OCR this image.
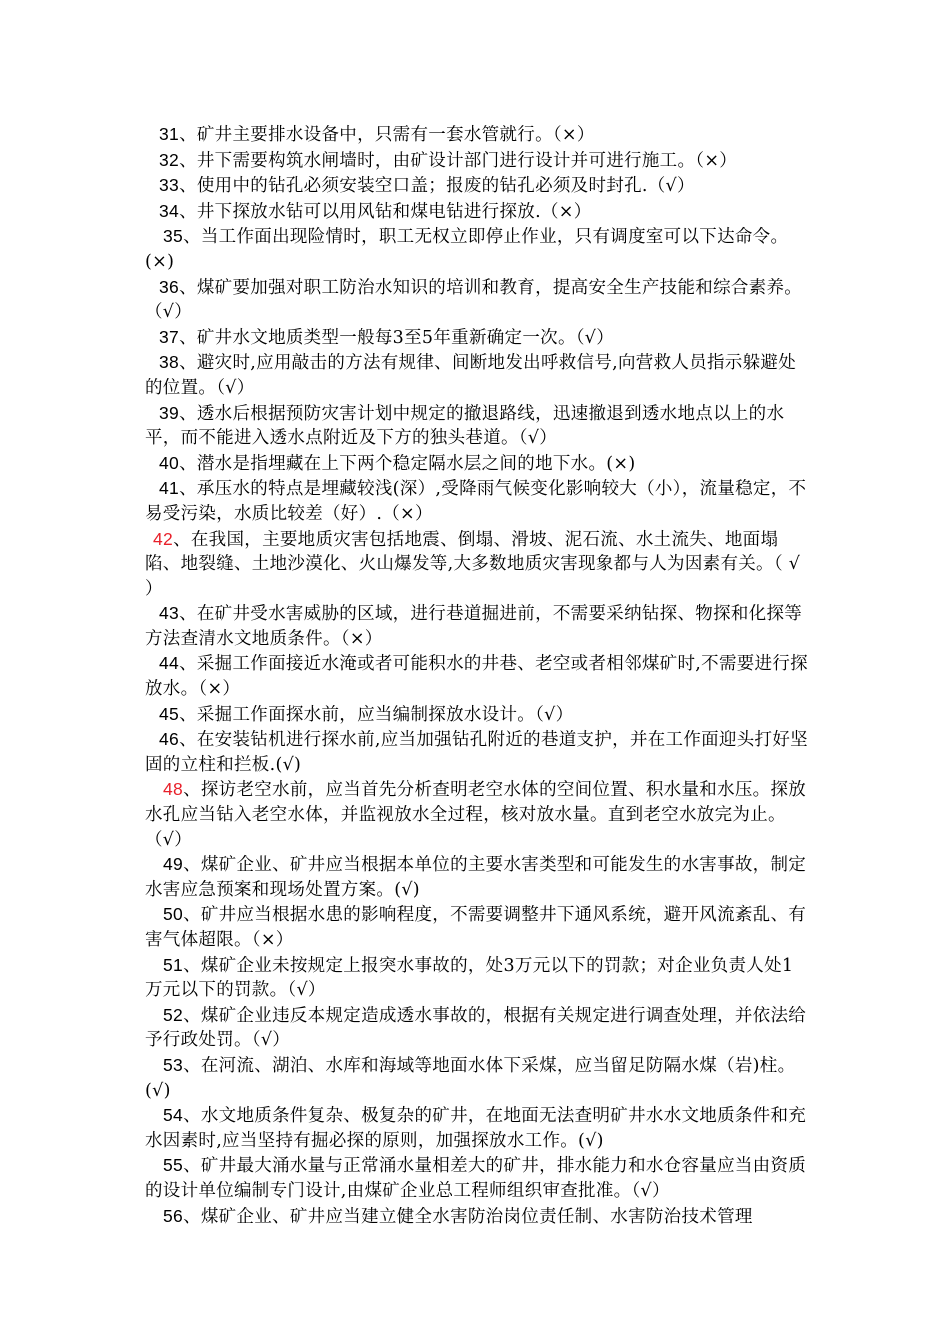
31、矿井主要排水设备中，只需有一套水管就行。（×）

32、井下需要构筑水闸墙时，由矿设计部门进行设计并可进行施工。（×）

33、使用中的钻孔必须安装空口盖；报废的钻孔必须及时封孔.（√）

34、井下探放水钻可以用风钻和煤电钻进行探放.（×）

35、当工作面出现险情时，职工无权立即停止作业，只有调度室可以下达命令。(×)

36、煤矿要加强对职工防治水知识的培训和教育，提高安全生产技能和综合素养。（√）

37、矿井水文地质类型一般每3至5年重新确定一次。（√）

38、避灾时,应用敲击的方法有规律、间断地发出呼救信号,向营救人员指示躲避处的位置。（√）

39、透水后根据预防灾害计划中规定的撤退路线，迅速撤退到透水地点以上的水平，而不能进入透水点附近及下方的独头巷道。（√）

40、潜水是指埋藏在上下两个稳定隔水层之间的地下水。(×)

41、承压水的特点是埋藏较浅(深）,受降雨气候变化影响较大（小），流量稳定，不易受污染，水质比较差（好）.（×）

42、在我国，主要地质灾害包括地震、倒塌、滑坡、泥石流、水土流失、地面塌陷、地裂缝、土地沙漠化、火山爆发等,大多数地质灾害现象都与人为因素有关。（ √ ）

43、在矿井受水害威胁的区域，进行巷道掘进前，不需要采纳钻探、物探和化探等方法查清水文地质条件。（×）

44、采掘工作面接近水淹或者可能积水的井巷、老空或者相邻煤矿时,不需要进行探放水。（×）

45、采掘工作面探水前，应当编制探放水设计。（√）

46、在安装钻机进行探水前,应当加强钻孔附近的巷道支护，并在工作面迎头打好坚固的立柱和拦板.(√)

48、探访老空水前，应当首先分析查明老空水体的空间位置、积水量和水压。探放水孔应当钻入老空水体，并监视放水全过程，核对放水量。直到老空水放完为止。（√）

49、煤矿企业、矿井应当根据本单位的主要水害类型和可能发生的水害事故，制定水害应急预案和现场处置方案。(√)

50、矿井应当根据水患的影响程度，不需要调整井下通风系统，避开风流紊乱、有害气体超限。（×）

51、煤矿企业未按规定上报突水事故的，处3万元以下的罚款；对企业负责人处1万元以下的罚款。（√）

52、煤矿企业违反本规定造成透水事故的，根据有关规定进行调查处理，并依法给予行政处罚。（√）

53、在河流、湖泊、水库和海域等地面水体下采煤，应当留足防隔水煤（岩)柱。(√)

54、水文地质条件复杂、极复杂的矿井，在地面无法查明矿井水水文地质条件和充水因素时,应当坚持有掘必探的原则，加强探放水工作。(√)

55、矿井最大涌水量与正常涌水量相差大的矿井，排水能力和水仓容量应当由资质的设计单位编制专门设计,由煤矿企业总工程师组织审查批准。（√）

56、煤矿企业、矿井应当建立健全水害防治岗位责任制、水害防治技术管理
